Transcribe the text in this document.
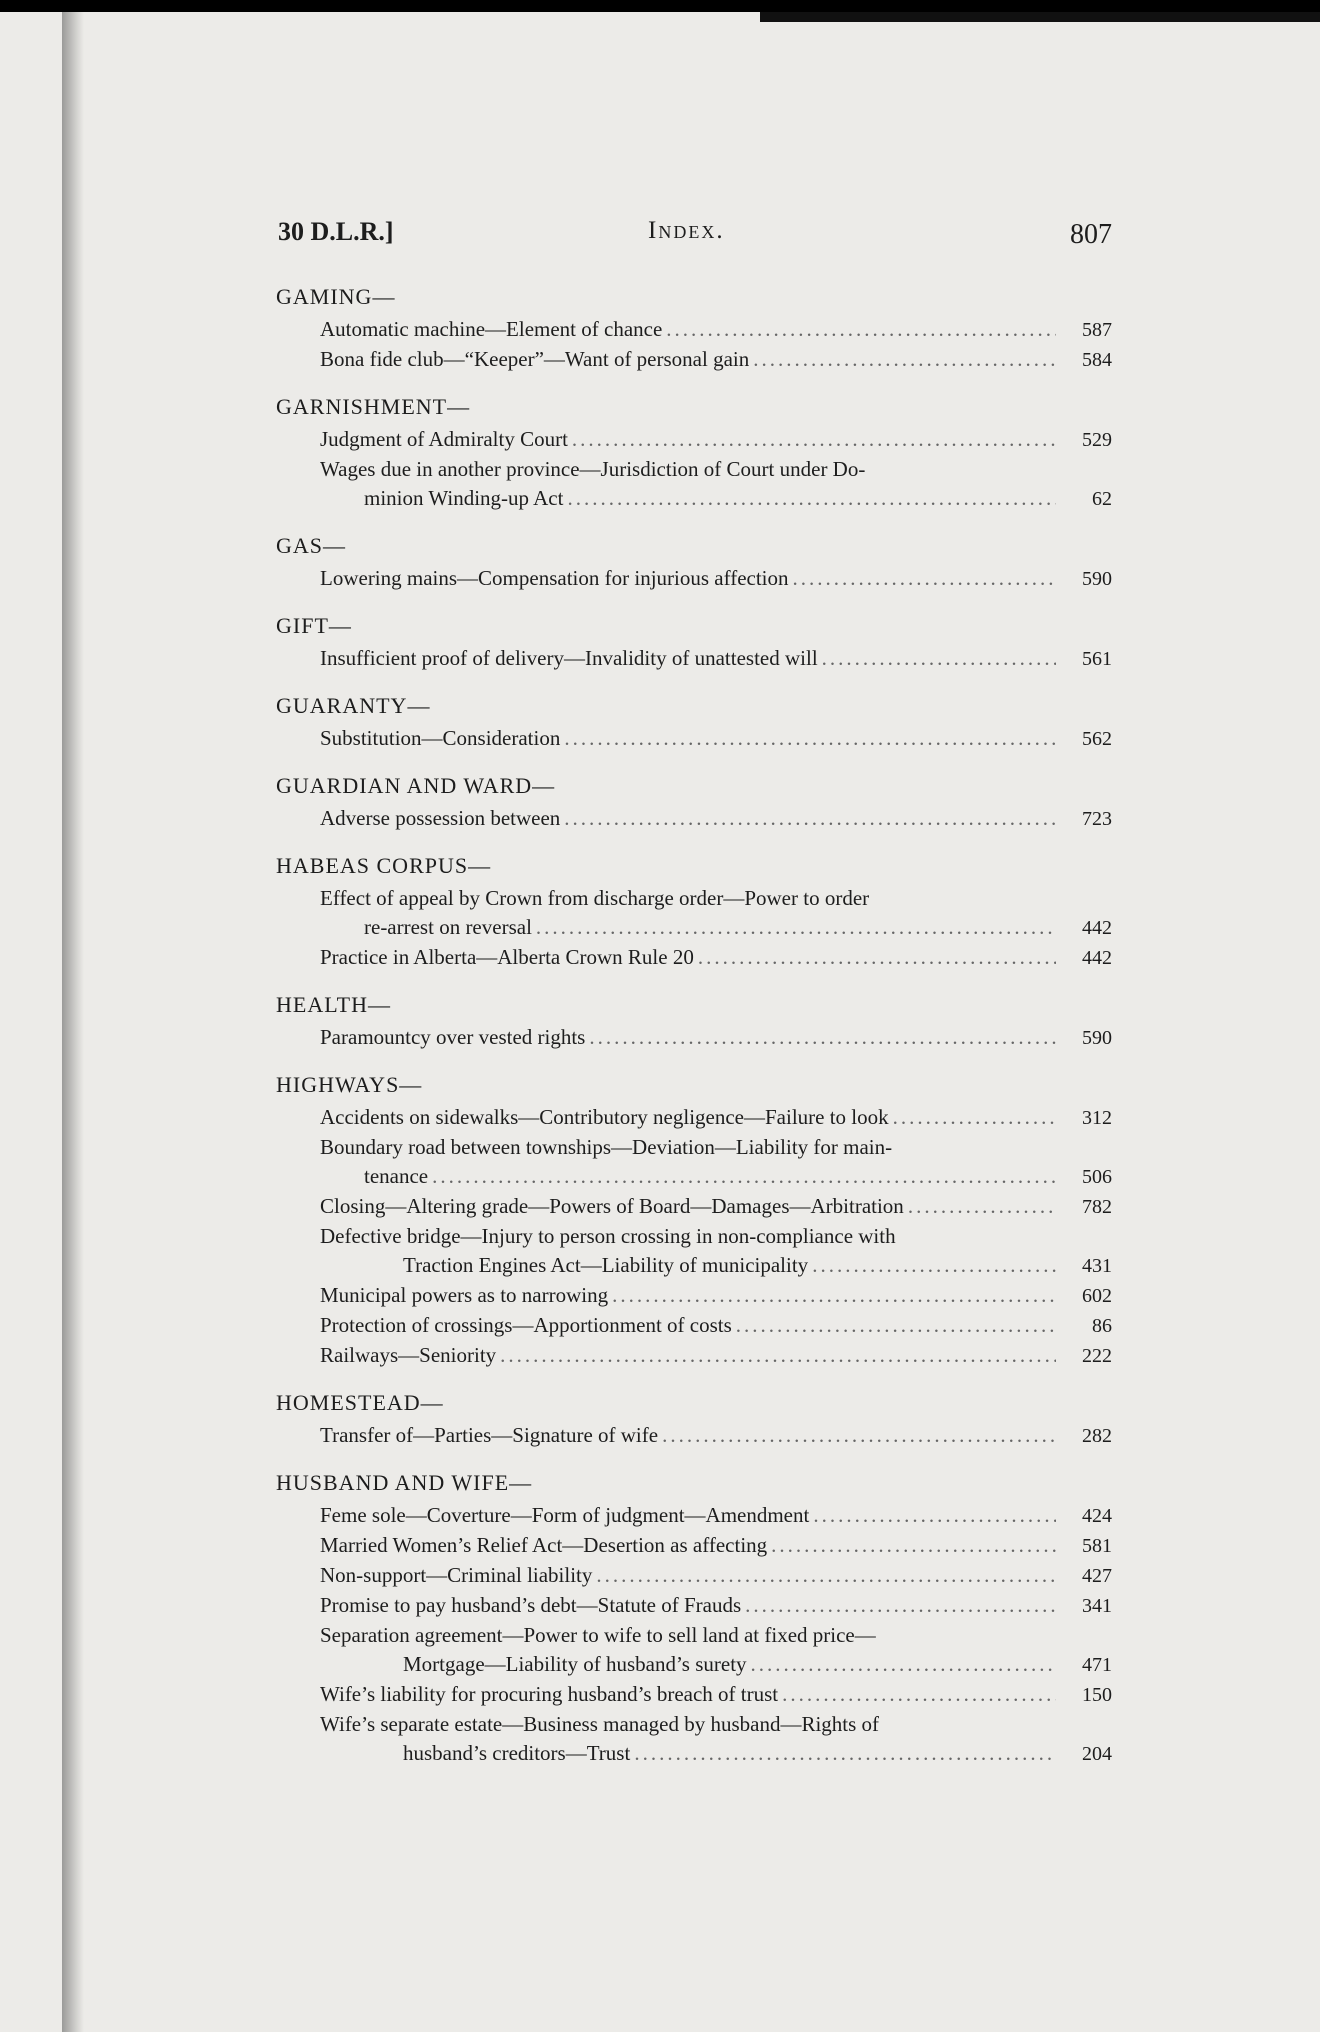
30 D.L.R.]	Index.	807
GAMING—
Automatic machine—Element of chance .....	587
Bona fide club—“Keeper”—Want of personal gain .....	584
GARNISHMENT—
Judgment of Admiralty Court .....	529
Wages due in another province—Jurisdiction of Court under Do-
minion Winding-up Act .....	62
GAS—
Lowering mains—Compensation for injurious affection .....	590
GIFT—
Insufficient proof of delivery—Invalidity of unattested will .....	561
GUARANTY—
Substitution—Consideration .....	562
GUARDIAN AND WARD—
Adverse possession between .....	723
HABEAS CORPUS—
Effect of appeal by Crown from discharge order—Power to order
re-arrest on reversal .....	442
Practice in Alberta—Alberta Crown Rule 20 .....	442
HEALTH—
Paramountcy over vested rights .....	590
HIGHWAYS—
Accidents on sidewalks—Contributory negligence—Failure to look .....	312
Boundary road between townships—Deviation—Liability for main-
tenance .....	506
Closing—Altering grade—Powers of Board—Damages—Arbitration .....	782
Defective bridge—Injury to person crossing in non-compliance with
Traction Engines Act—Liability of municipality .....	431
Municipal powers as to narrowing .....	602
Protection of crossings—Apportionment of costs .....	86
Railways—Seniority .....	222
HOMESTEAD—
Transfer of—Parties—Signature of wife .....	282
HUSBAND AND WIFE—
Feme sole—Coverture—Form of judgment—Amendment .....	424
Married Women’s Relief Act—Desertion as affecting .....	581
Non-support—Criminal liability .....	427
Promise to pay husband’s debt—Statute of Frauds .....	341
Separation agreement—Power to wife to sell land at fixed price—
Mortgage—Liability of husband’s surety .....	471
Wife’s liability for procuring husband’s breach of trust .....	150
Wife’s separate estate—Business managed by husband—Rights of
husband’s creditors—Trust .....	204
